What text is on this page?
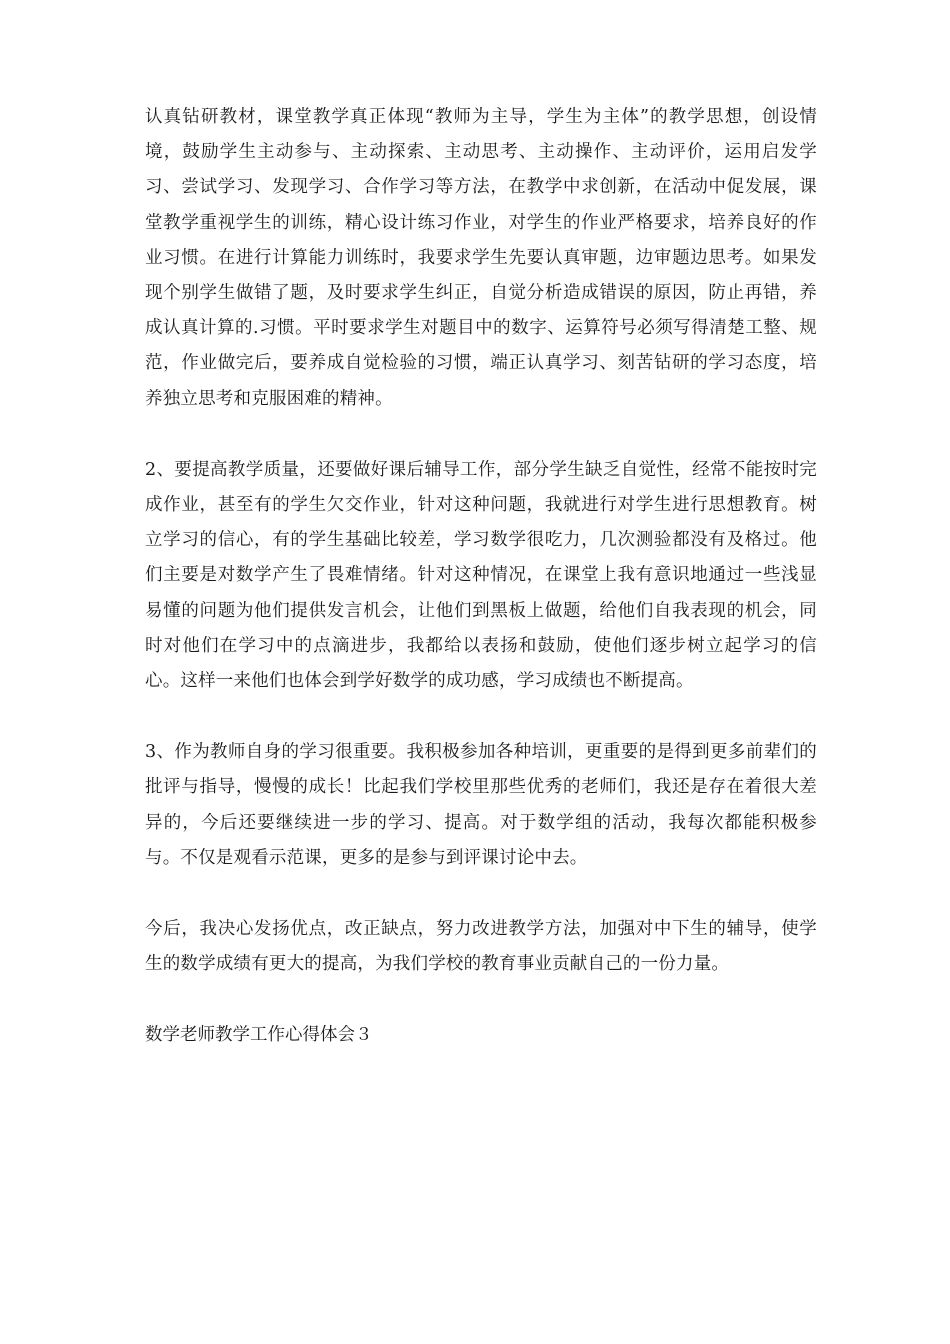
认真钻研教材，课堂教学真正体现“教师为主导，学生为主体”的教学思想，创设情境，鼓励学生主动参与、主动探索、主动思考、主动操作、主动评价，运用启发学习、尝试学习、发现学习、合作学习等方法，在教学中求创新，在活动中促发展，课堂教学重视学生的训练，精心设计练习作业，对学生的作业严格要求，培养良好的作业习惯。在进行计算能力训练时，我要求学生先要认真审题，边审题边思考。如果发现个别学生做错了题，及时要求学生纠正，自觉分析造成错误的原因，防止再错，养成认真计算的.习惯。平时要求学生对题目中的数字、运算符号必须写得清楚工整、规范，作业做完后，要养成自觉检验的习惯，端正认真学习、刻苦钻研的学习态度，培养独立思考和克服困难的精神。

2、要提高教学质量，还要做好课后辅导工作，部分学生缺乏自觉性，经常不能按时完成作业，甚至有的学生欠交作业，针对这种问题，我就进行对学生进行思想教育。树立学习的信心，有的学生基础比较差，学习数学很吃力，几次测验都没有及格过。他们主要是对数学产生了畏难情绪。针对这种情况，在课堂上我有意识地通过一些浅显易懂的问题为他们提供发言机会，让他们到黑板上做题，给他们自我表现的机会，同时对他们在学习中的点滴进步，我都给以表扬和鼓励，使他们逐步树立起学习的信心。这样一来他们也体会到学好数学的成功感，学习成绩也不断提高。

3、作为教师自身的学习很重要。我积极参加各种培训，更重要的是得到更多前辈们的批评与指导，慢慢的成长！比起我们学校里那些优秀的老师们，我还是存在着很大差异的，今后还要继续进一步的学习、提高。对于数学组的活动，我每次都能积极参与。不仅是观看示范课，更多的是参与到评课讨论中去。

今后，我决心发扬优点，改正缺点，努力改进教学方法，加强对中下生的辅导，使学生的数学成绩有更大的提高，为我们学校的教育事业贡献自己的一份力量。

数学老师教学工作心得体会３
